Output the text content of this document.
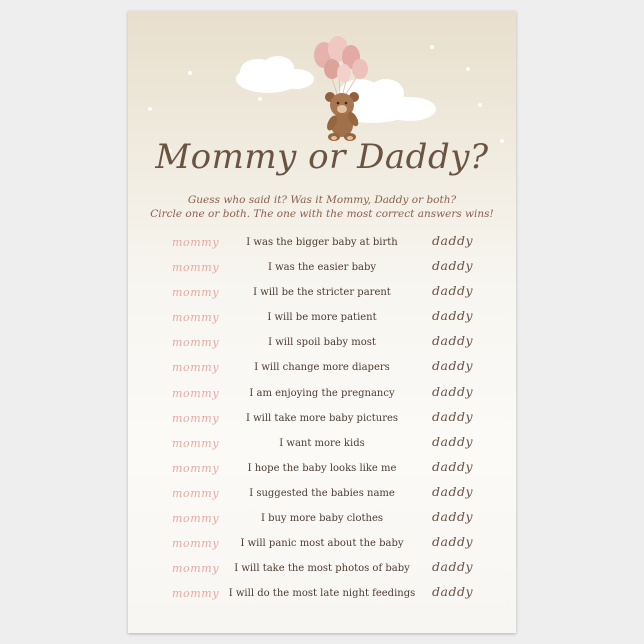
Mommy or Daddy?
Guess who said it? Was it Mommy, Daddy or both?
Circle one or both. The one with the most correct answers wins!
mommy	I was the bigger baby at birth	daddy
mommy	I was the easier baby	daddy
mommy	I will be the stricter parent	daddy
mommy	I will be more patient	daddy
mommy	I will spoil baby most	daddy
mommy	I will change more diapers	daddy
mommy	I am enjoying the pregnancy	daddy
mommy	I will take more baby pictures	daddy
mommy	I want more kids	daddy
mommy	I hope the baby looks like me	daddy
mommy	I suggested the babies name	daddy
mommy	I buy more baby clothes	daddy
mommy	I will panic most about the baby	daddy
mommy	I will take the most photos of baby	daddy
mommy I will do the most late night feedings	daddy
